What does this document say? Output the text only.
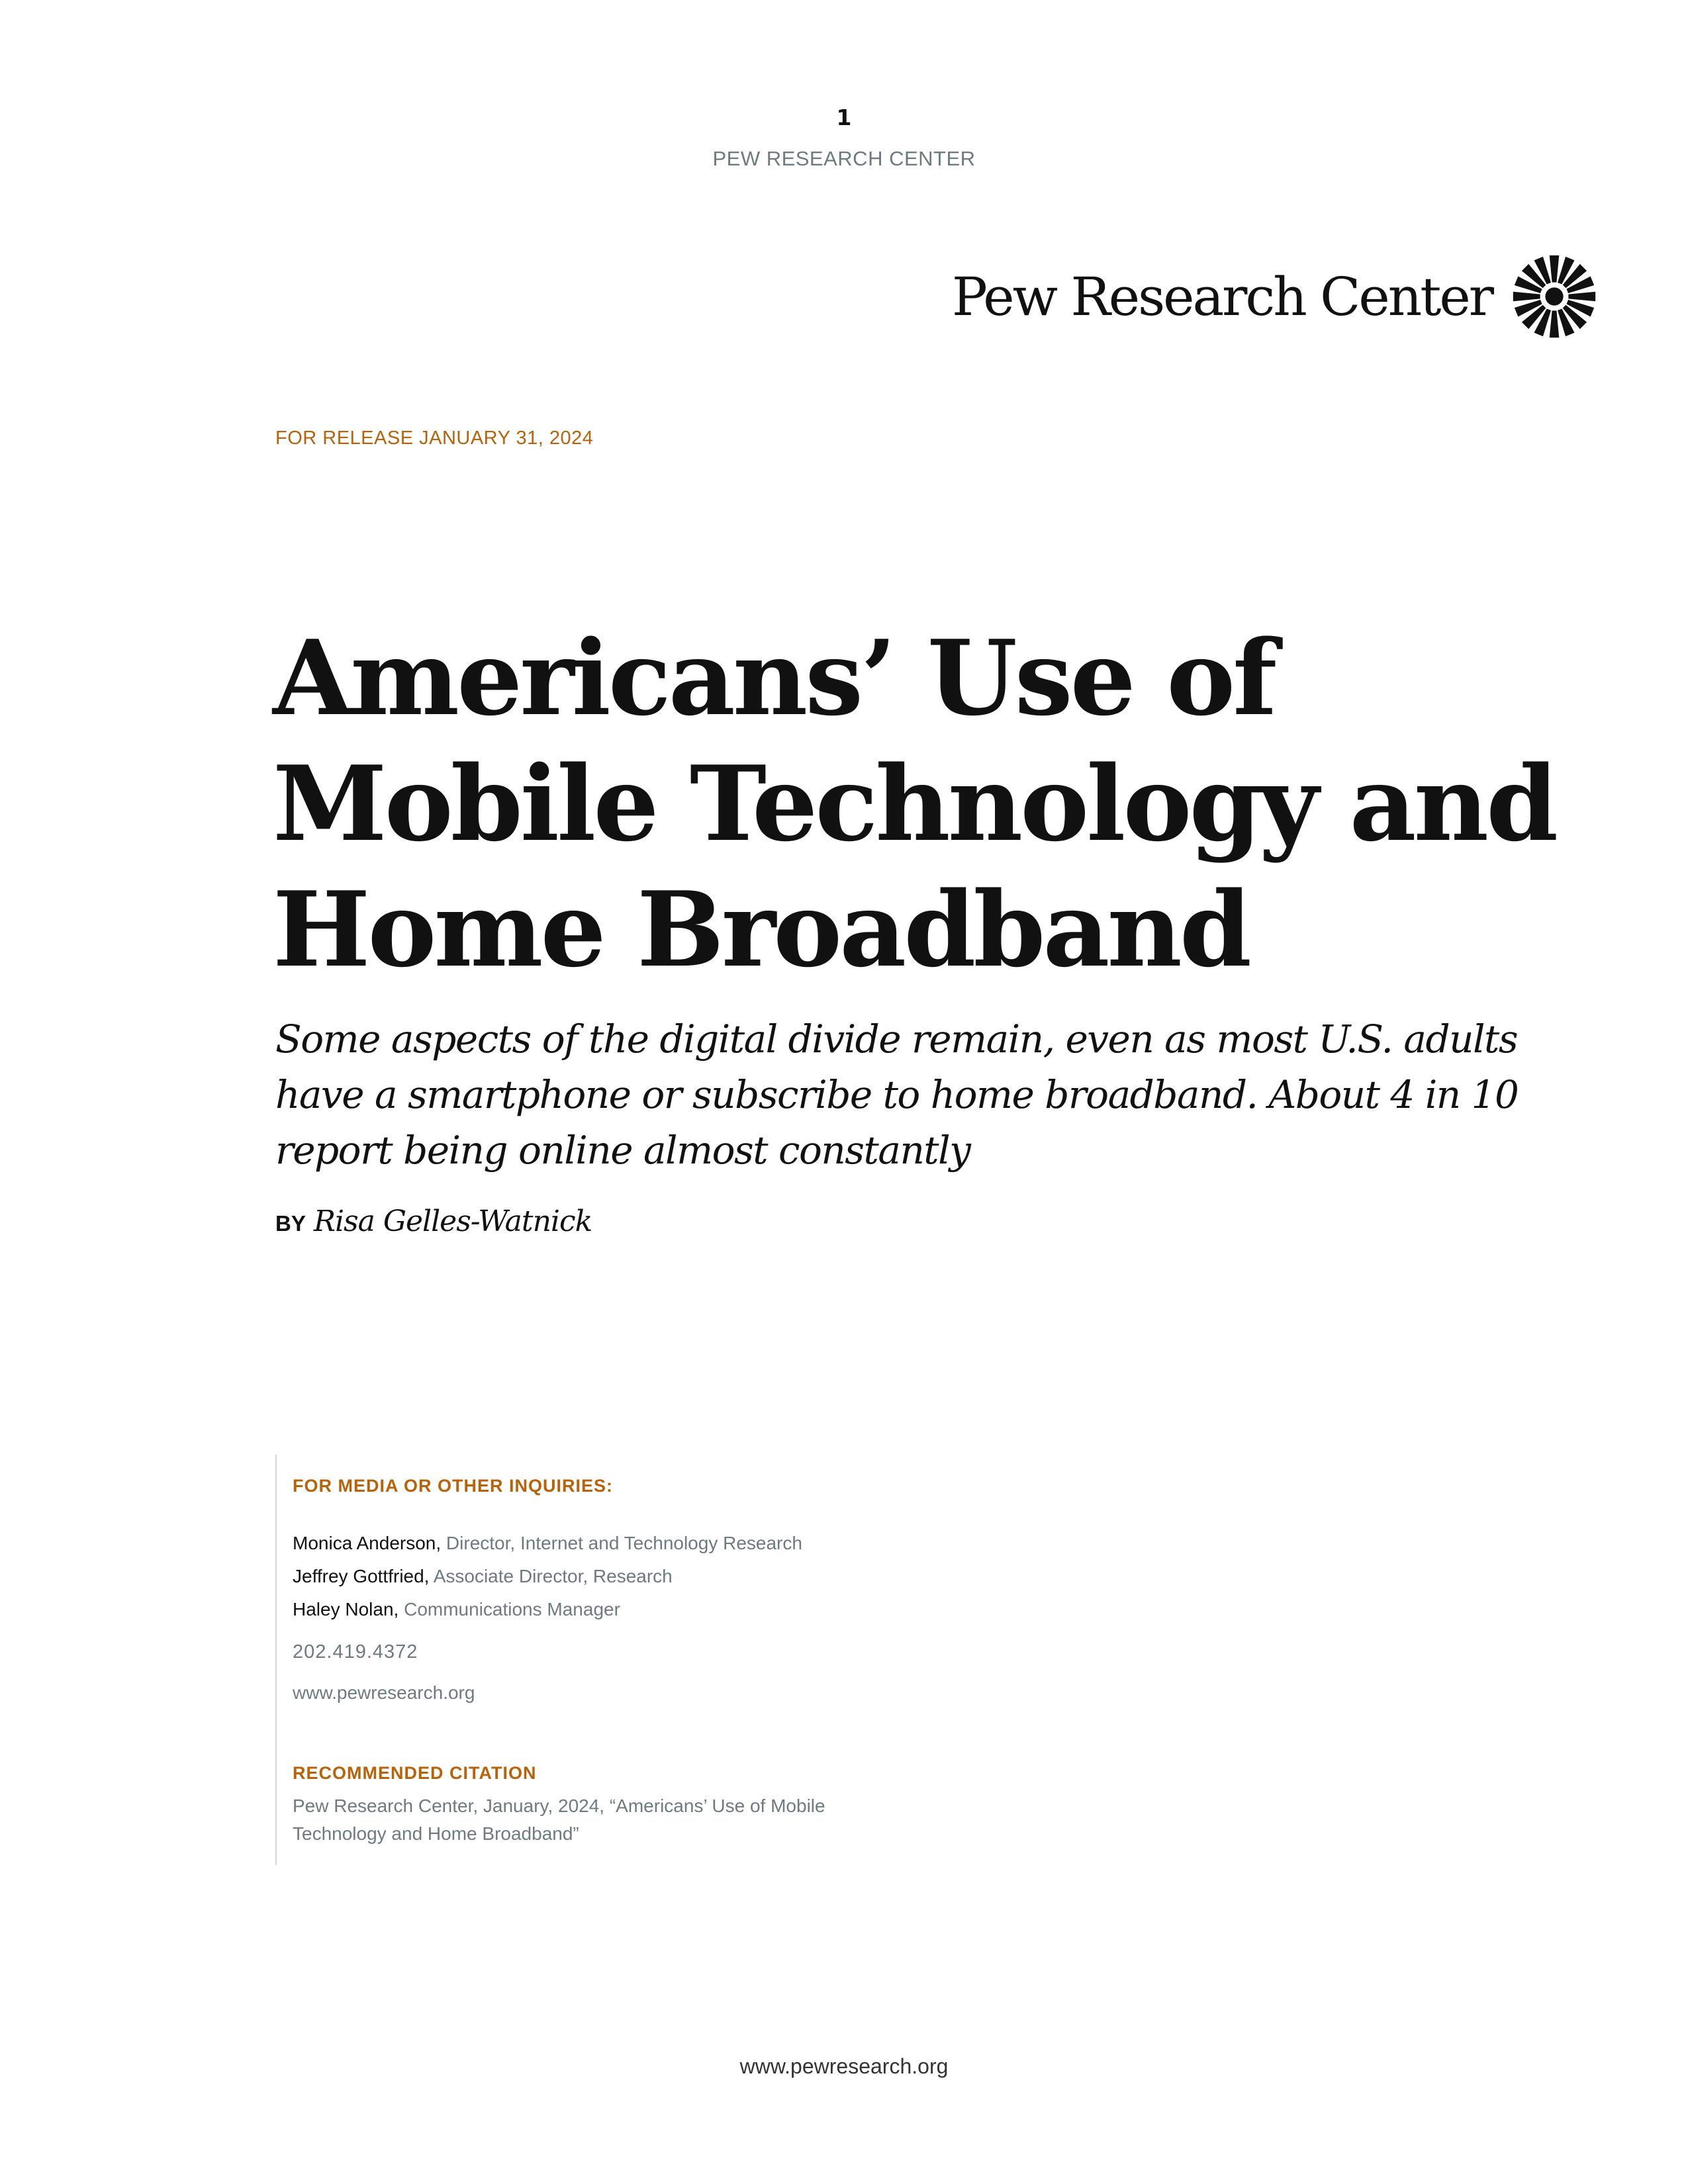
1
PEW RESEARCH CENTER
Pew Research Center
FOR RELEASE JANUARY 31, 2024
Americans’ Use of Mobile Technology and Home Broadband

Some aspects of the digital divide remain, even as most U.S. adults have a smartphone or subscribe to home broadband. About 4 in 10 report being online almost constantly

BY Risa Gelles-Watnick
FOR MEDIA OR OTHER INQUIRIES:
Monica Anderson, Director, Internet and Technology Research
Jeffrey Gottfried, Associate Director, Research
Haley Nolan, Communications Manager
202.419.4372
www.pewresearch.org
RECOMMENDED CITATION
Pew Research Center, January, 2024, “Americans’ Use of Mobile
Technology and Home Broadband”
www.pewresearch.org
